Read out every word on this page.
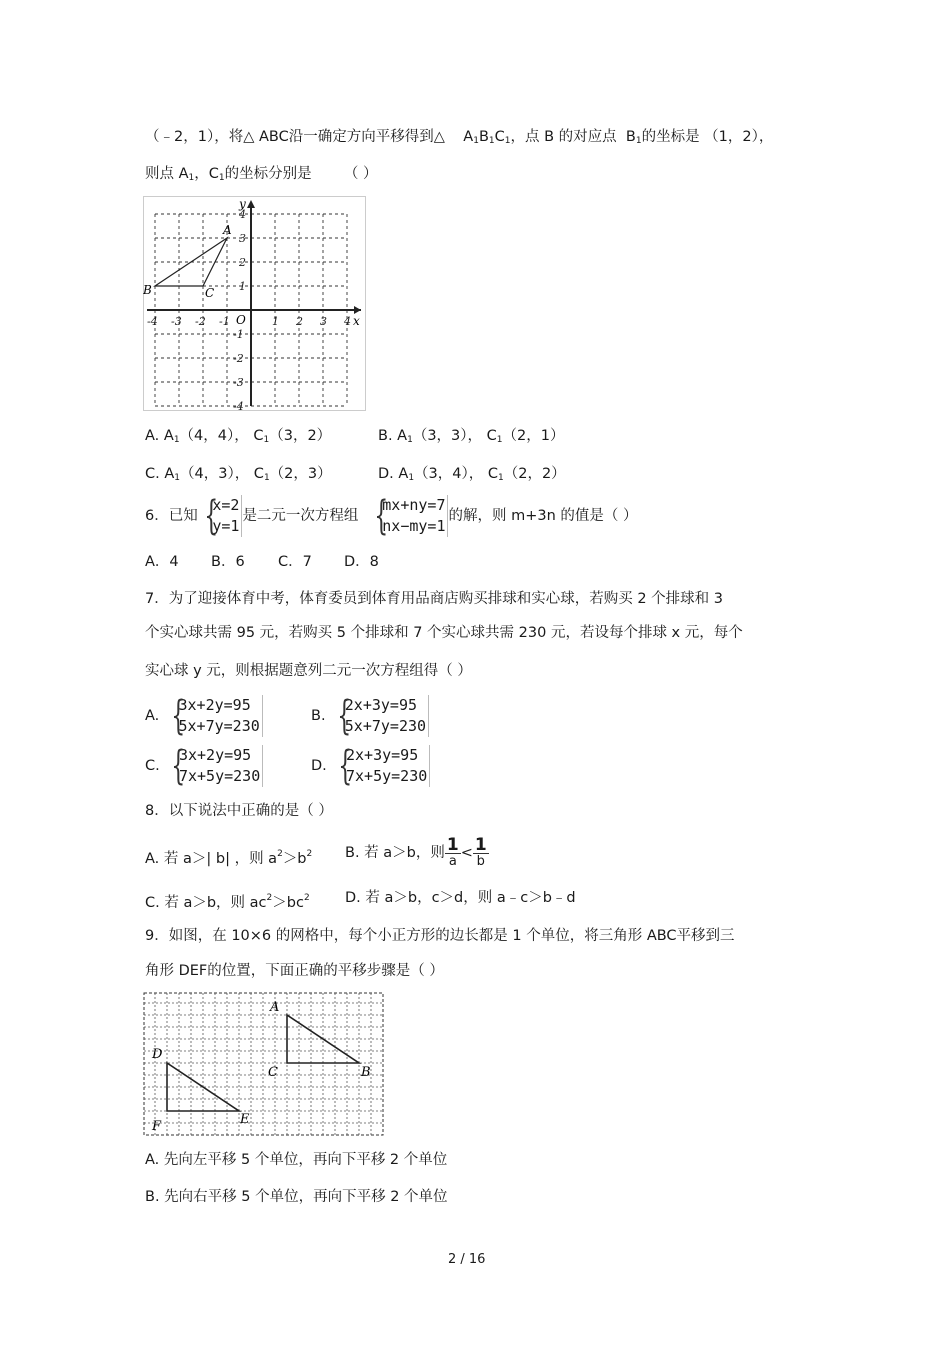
（﹣2，1），将△ ABC沿一确定方向平移得到△ $A_1B_1C_1$，点 B 的对应点 $B_1$的坐标是 （1，2），
则点 $A_1$，$C_1$的坐标分别是 （ ）
-4 -3 -2 -1	1 2 3 4
4
3
2
1
-1
-2
-3
-4
x
y
O
A
B	C
A. $A_1(4$，4）， $C_1(3$，2）	B. $A_1(3$，3）， $C_1(2$，1）
C. $A_1(4$，3）， $C_1(2$，3）	D. $A_1(3$，4）， $C_1(2$，2）
6．已知 {
x=2
y=1
是二元一次方程组 {
mx+ny=7
nx−my=1
的解，则 m+3n 的值是（ ）
A．4 B．6 C．7 D．8
7．为了迎接体育中考，体育委员到体育用品商店购买排球和实心球，若购买 2 个排球和 3
个实心球共需 95 元，若购买 5 个排球和 7 个实心球共需 230 元，若设每个排球 x 元，每个
实心球 y 元，则根据题意列二元一次方程组得（ ）
A. {
3x+2y=95
5x+7y=230
B. {
2x+3y=95
5x+7y=230
C. {
3x+2y=95
7x+5y=230
D. {
2x+3y=95
7x+5y=230
8．以下说法中正确的是（ ）
A. 若 a＞| b| ，则 $a^2>b^2$ B. 若 a＞b，则 $\frac{1}{a} < \frac{1}{b}$
C. 若 a＞b，则 $ac^2>bc^2$ D. 若 a＞b，c＞d，则 a﹣c＞b﹣d
9．如图，在 10×6 的网格中，每个小正方形的边长都是 1 个单位，将三角形 ABC平移到三
角形 DEF的位置，下面正确的平移步骤是（ ）
A
B
C
D
E
F
A. 先向左平移 5 个单位，再向下平移 2 个单位
B. 先向右平移 5 个单位，再向下平移 2 个单位
2 / 16
